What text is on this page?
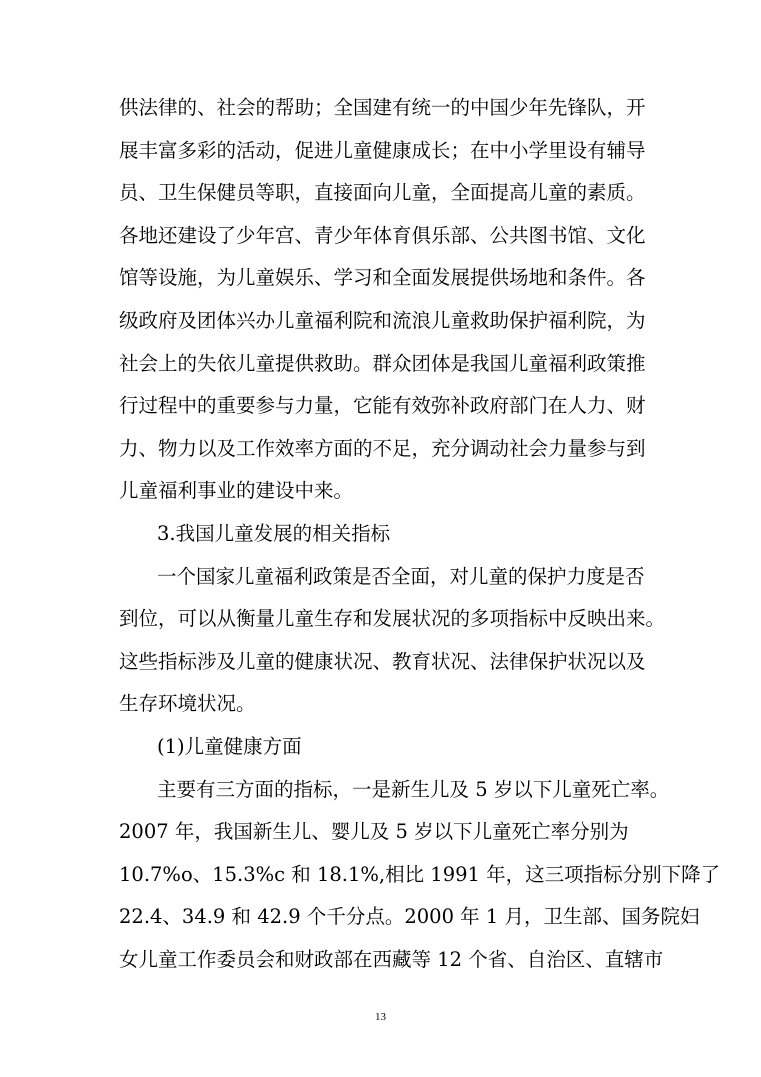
供法律的、社会的帮助；全国建有统一的中国少年先锋队，开
展丰富多彩的活动，促进儿童健康成长；在中小学里设有辅导
员、卫生保健员等职，直接面向儿童，全面提高儿童的素质。
各地还建设了少年宫、青少年体育俱乐部、公共图书馆、文化
馆等设施，为儿童娱乐、学习和全面发展提供场地和条件。各
级政府及团体兴办儿童福利院和流浪儿童救助保护福利院，为
社会上的失依儿童提供救助。群众团体是我国儿童福利政策推
行过程中的重要参与力量，它能有效弥补政府部门在人力、财
力、物力以及工作效率方面的不足，充分调动社会力量参与到
儿童福利事业的建设中来。
3.我国儿童发展的相关指标
一个国家儿童福利政策是否全面，对儿童的保护力度是否
到位，可以从衡量儿童生存和发展状况的多项指标中反映出来。
这些指标涉及儿童的健康状况、教育状况、法律保护状况以及
生存环境状况。
(1)儿童健康方面
主要有三方面的指标，一是新生儿及 5 岁以下儿童死亡率。
2007 年，我国新生儿、婴儿及 5 岁以下儿童死亡率分别为
10.7%o、15.3%c 和 18.1%,相比 1991 年，这三项指标分别下降了
22.4、34.9 和 42.9 个千分点。2000 年 1 月，卫生部、国务院妇
女儿童工作委员会和财政部在西藏等 12 个省、自治区、直辖市
13
